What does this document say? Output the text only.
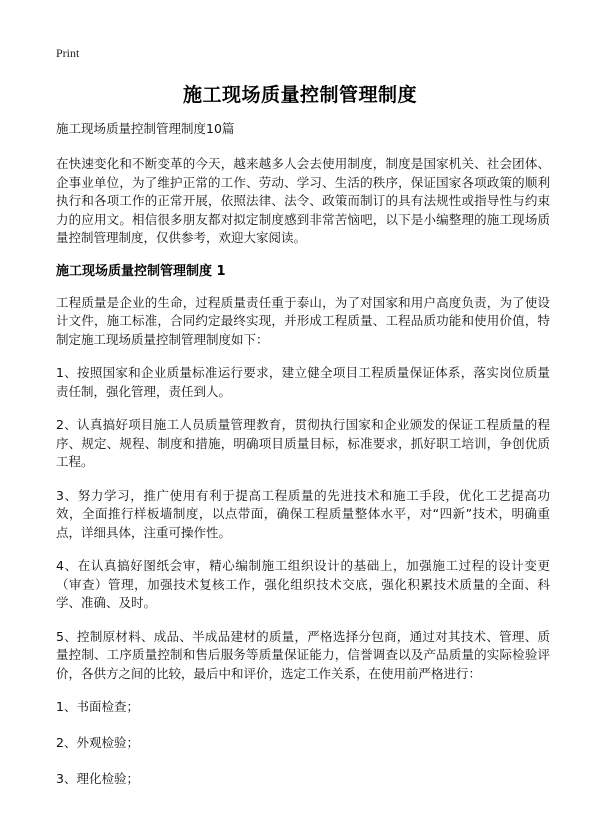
Print
施工现场质量控制管理制度
施工现场质量控制管理制度10篇
在快速变化和不断变革的今天，越来越多人会去使用制度，制度是国家机关、社会团体、企事业单位，为了维护正常的工作、劳动、学习、生活的秩序，保证国家各项政策的顺利执行和各项工作的正常开展，依照法律、法令、政策而制订的具有法规性或指导性与约束力的应用文。相信很多朋友都对拟定制度感到非常苦恼吧，以下是小编整理的施工现场质量控制管理制度，仅供参考，欢迎大家阅读。
施工现场质量控制管理制度 1
工程质量是企业的生命，过程质量责任重于泰山，为了对国家和用户高度负责，为了使设计文件，施工标准，合同约定最终实现，并形成工程质量、工程品质功能和使用价值，特制定施工现场质量控制管理制度如下：
1、按照国家和企业质量标准运行要求，建立健全项目工程质量保证体系，落实岗位质量责任制，强化管理，责任到人。
2、认真搞好项目施工人员质量管理教育，贯彻执行国家和企业颁发的保证工程质量的程序、规定、规程、制度和措施，明确项目质量目标，标准要求，抓好职工培训，争创优质工程。
3、努力学习，推广使用有利于提高工程质量的先进技术和施工手段，优化工艺提高功效，全面推行样板墙制度，以点带面，确保工程质量整体水平，对“四新”技术，明确重点，详细具体，注重可操作性。
4、在认真搞好图纸会审，精心编制施工组织设计的基础上，加强施工过程的设计变更（审查）管理，加强技术复核工作，强化组织技术交底，强化积累技术质量的全面、科学、准确、及时。
5、控制原材料、成品、半成品建材的质量，严格选择分包商，通过对其技术、管理、质量控制、工序质量控制和售后服务等质量保证能力，信誉调查以及产品质量的实际检验评价，各供方之间的比较，最后中和评价，选定工作关系，在使用前严格进行：
1、书面检查；
2、外观检验；
3、理化检验；
